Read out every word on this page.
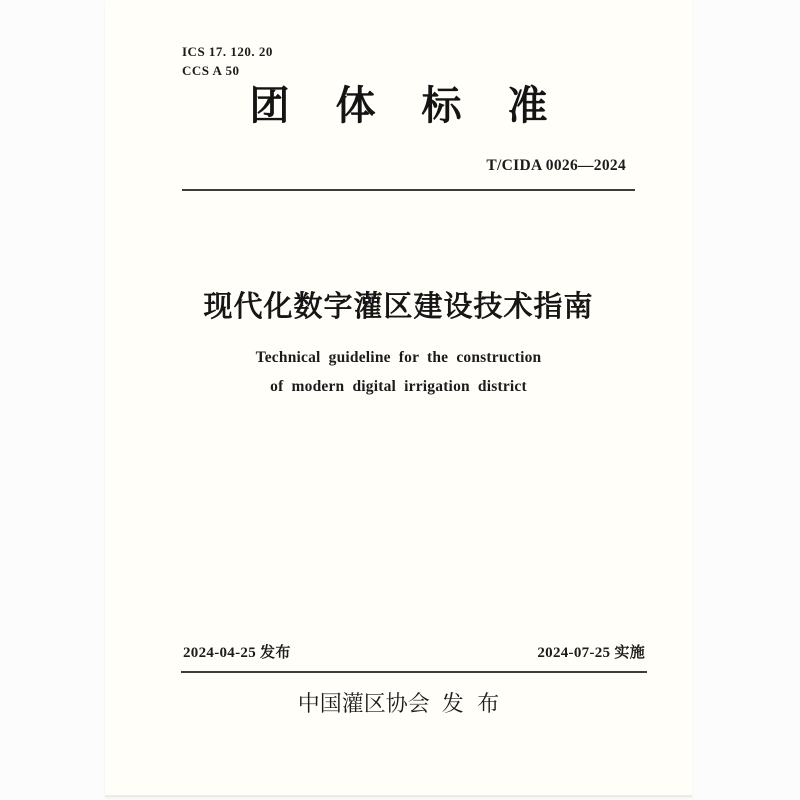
ICS 17. 120. 20
CCS A 50
团体标准
T/CIDA 0026—2024
现代化数字灌区建设技术指南
Technical guideline for the construction
of modern digital irrigation district
2024-04-25 发布	2024-07-25 实施
中国灌区协会 发 布
